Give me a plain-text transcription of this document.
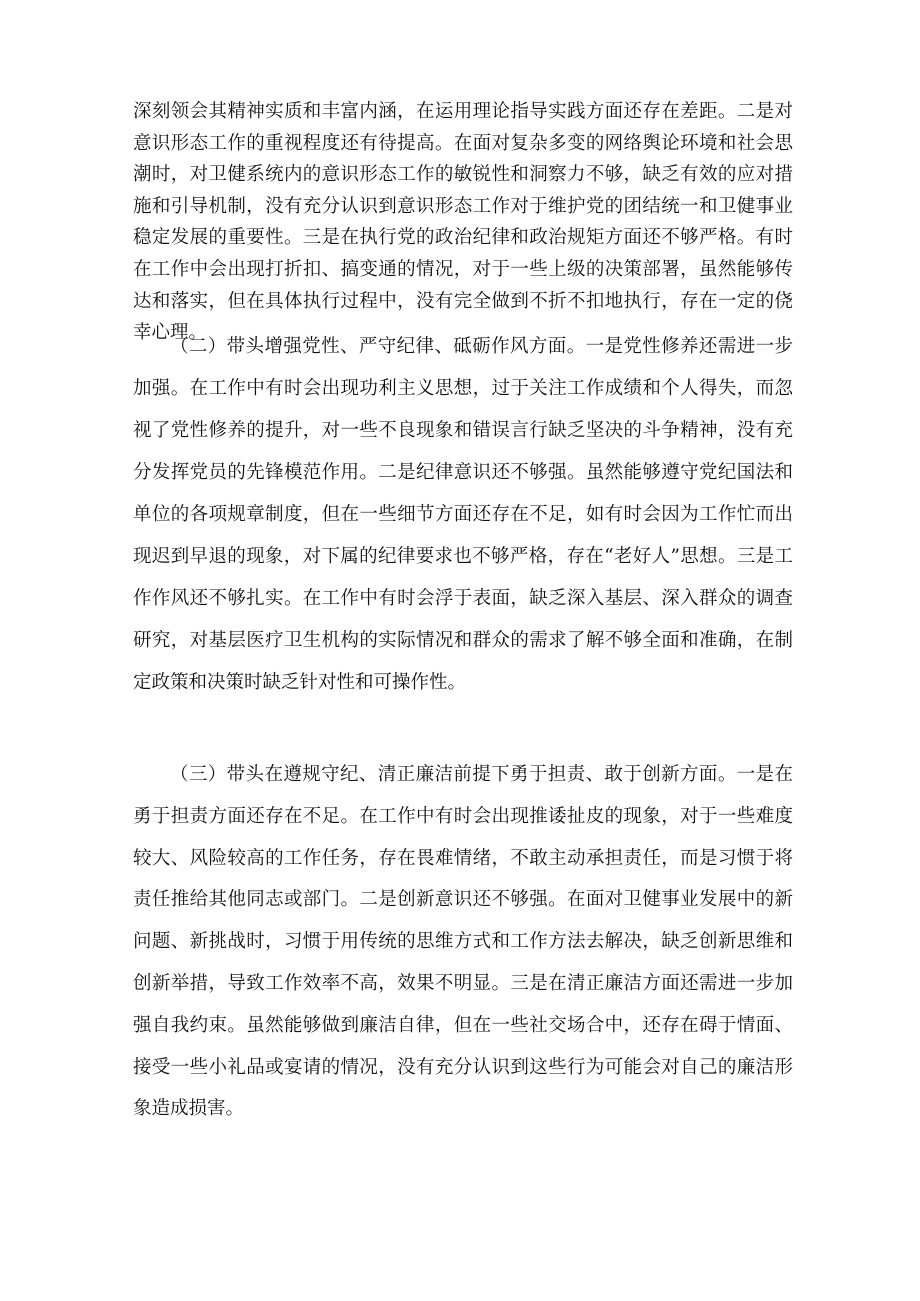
深刻领会其精神实质和丰富内涵，在运用理论指导实践方面还存在差距。二是对意识形态工作的重视程度还有待提高。在面对复杂多变的网络舆论环境和社会思潮时，对卫健系统内的意识形态工作的敏锐性和洞察力不够，缺乏有效的应对措施和引导机制，没有充分认识到意识形态工作对于维护党的团结统一和卫健事业稳定发展的重要性。三是在执行党的政治纪律和政治规矩方面还不够严格。有时在工作中会出现打折扣、搞变通的情况，对于一些上级的决策部署，虽然能够传达和落实，但在具体执行过程中，没有完全做到不折不扣地执行，存在一定的侥幸心理。

（二）带头增强党性、严守纪律、砥砺作风方面。一是党性修养还需进一步加强。在工作中有时会出现功利主义思想，过于关注工作成绩和个人得失，而忽视了党性修养的提升，对一些不良现象和错误言行缺乏坚决的斗争精神，没有充分发挥党员的先锋模范作用。二是纪律意识还不够强。虽然能够遵守党纪国法和单位的各项规章制度，但在一些细节方面还存在不足，如有时会因为工作忙而出现迟到早退的现象，对下属的纪律要求也不够严格，存在“老好人”思想。三是工作作风还不够扎实。在工作中有时会浮于表面，缺乏深入基层、深入群众的调查研究，对基层医疗卫生机构的实际情况和群众的需求了解不够全面和准确，在制定政策和决策时缺乏针对性和可操作性。

（三）带头在遵规守纪、清正廉洁前提下勇于担责、敢于创新方面。一是在勇于担责方面还存在不足。在工作中有时会出现推诿扯皮的现象，对于一些难度较大、风险较高的工作任务，存在畏难情绪，不敢主动承担责任，而是习惯于将责任推给其他同志或部门。二是创新意识还不够强。在面对卫健事业发展中的新问题、新挑战时，习惯于用传统的思维方式和工作方法去解决，缺乏创新思维和创新举措，导致工作效率不高，效果不明显。三是在清正廉洁方面还需进一步加强自我约束。虽然能够做到廉洁自律，但在一些社交场合中，还存在碍于情面、接受一些小礼品或宴请的情况，没有充分认识到这些行为可能会对自己的廉洁形象造成损害。
